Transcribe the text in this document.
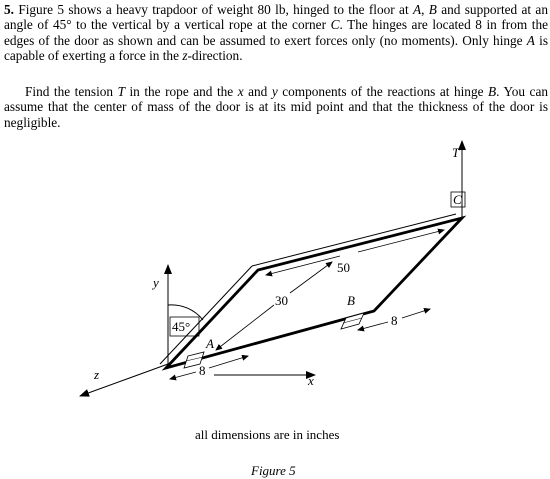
5. Figure 5 shows a heavy trapdoor of weight 80 lb, hinged to the floor at A, B and supported at an angle of 45° to the vertical by a vertical rope at the corner C. The hinges are located 8 in from the edges of the door as shown and can be assumed to exert forces only (no moments). Only hinge A is capable of exerting a force in the z-direction.

Find the tension T in the rope and the x and y components of the reactions at hinge B. You can assume that the center of mass of the door is at its mid point and that the thickness of the door is negligible.

T
C
y
z	x
A
B
45°
50
30
8
8
all dimensions are in inches
Figure 5
